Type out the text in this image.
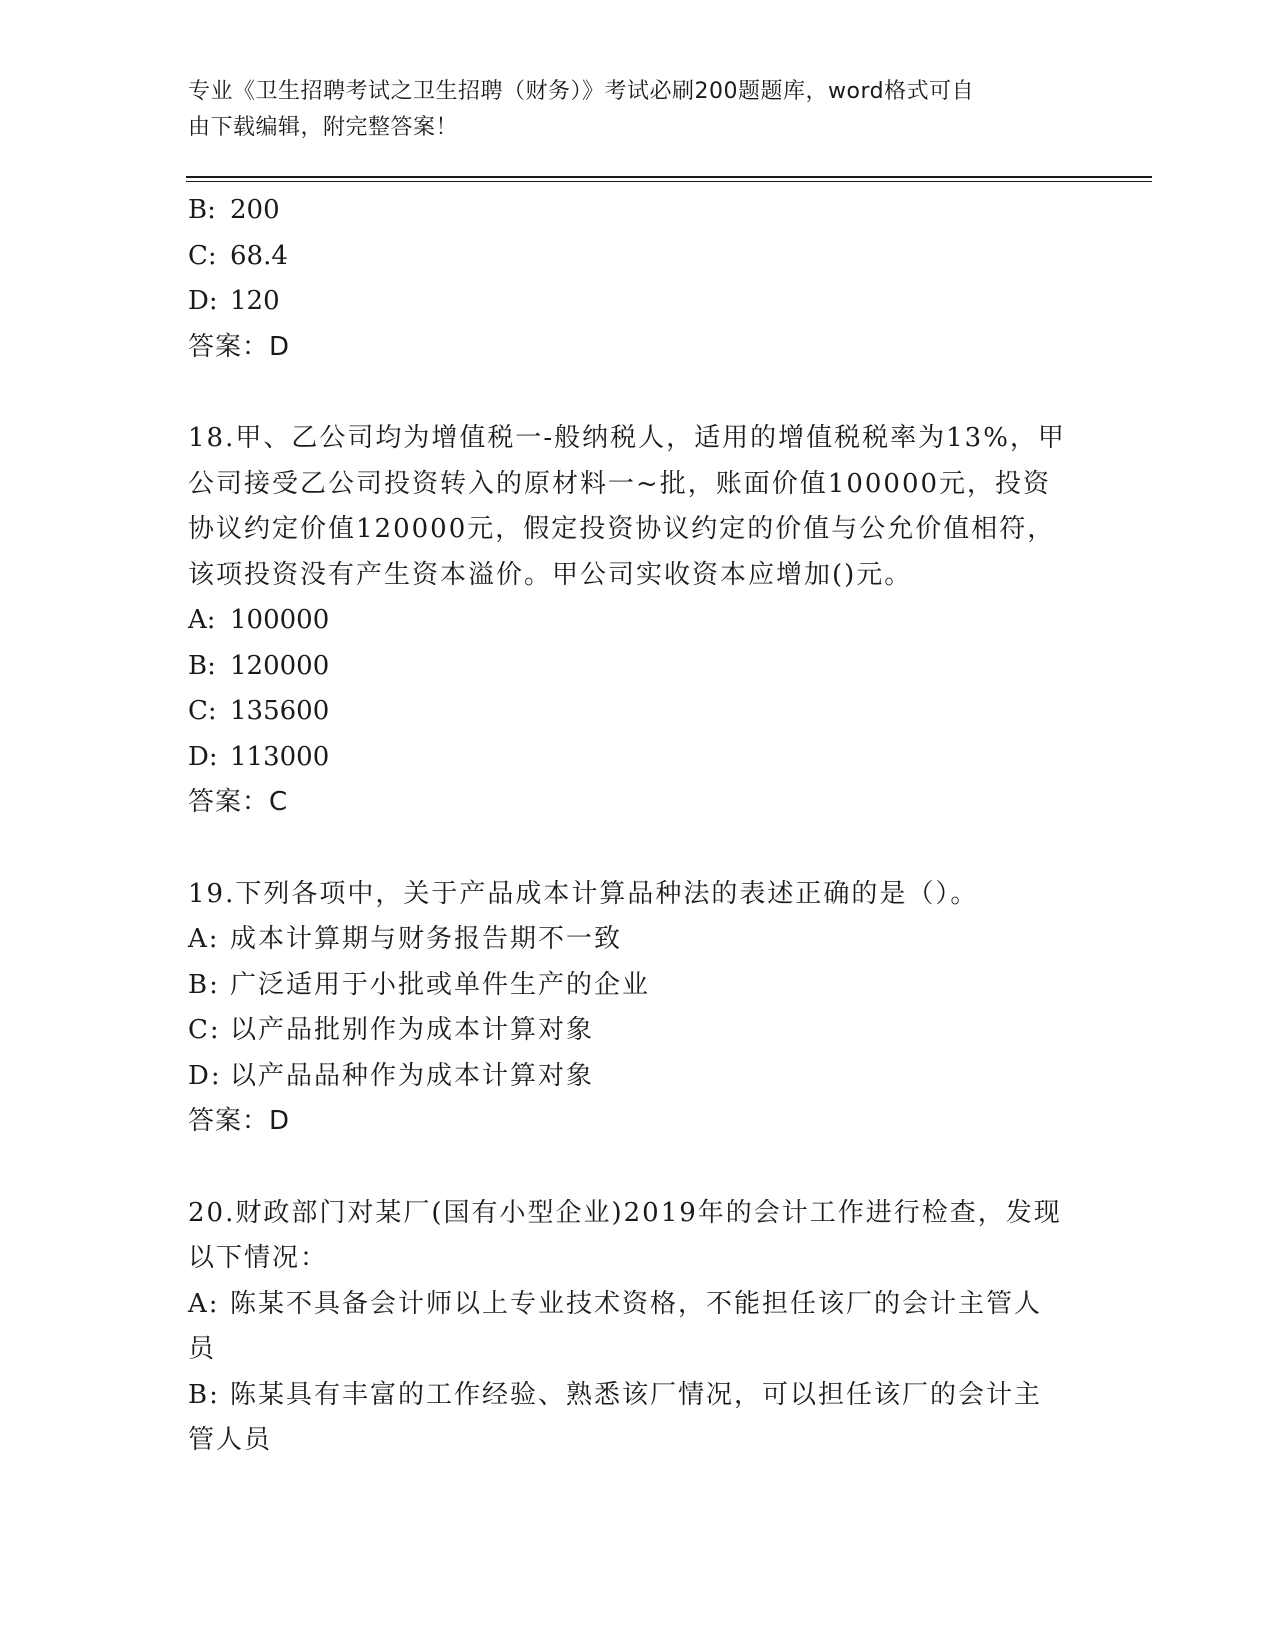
专业《卫生招聘考试之卫生招聘（财务）》考试必刷200题题库，word格式可自
由下载编辑，附完整答案！
B: 200
C: 68.4
D: 120
答案：D
18.甲、乙公司均为增值税一-般纳税人，适用的增值税税率为13%，甲
公司接受乙公司投资转入的原材料一~批，账面价值100000元，投资
协议约定价值120000元，假定投资协议约定的价值与公允价值相符，
该项投资没有产生资本溢价。甲公司实收资本应增加()元。
A: 100000
B: 120000
C: 135600
D: 113000
答案：C
19.下列各项中，关于产品成本计算品种法的表述正确的是（）。
A: 成本计算期与财务报告期不一致
B: 广泛适用于小批或单件生产的企业
C: 以产品批别作为成本计算对象
D: 以产品品种作为成本计算对象
答案：D
20.财政部门对某厂(国有小型企业)2019年的会计工作进行检查，发现
以下情况：
A: 陈某不具备会计师以上专业技术资格，不能担任该厂的会计主管人
员
B: 陈某具有丰富的工作经验、熟悉该厂情况，可以担任该厂的会计主
管人员
